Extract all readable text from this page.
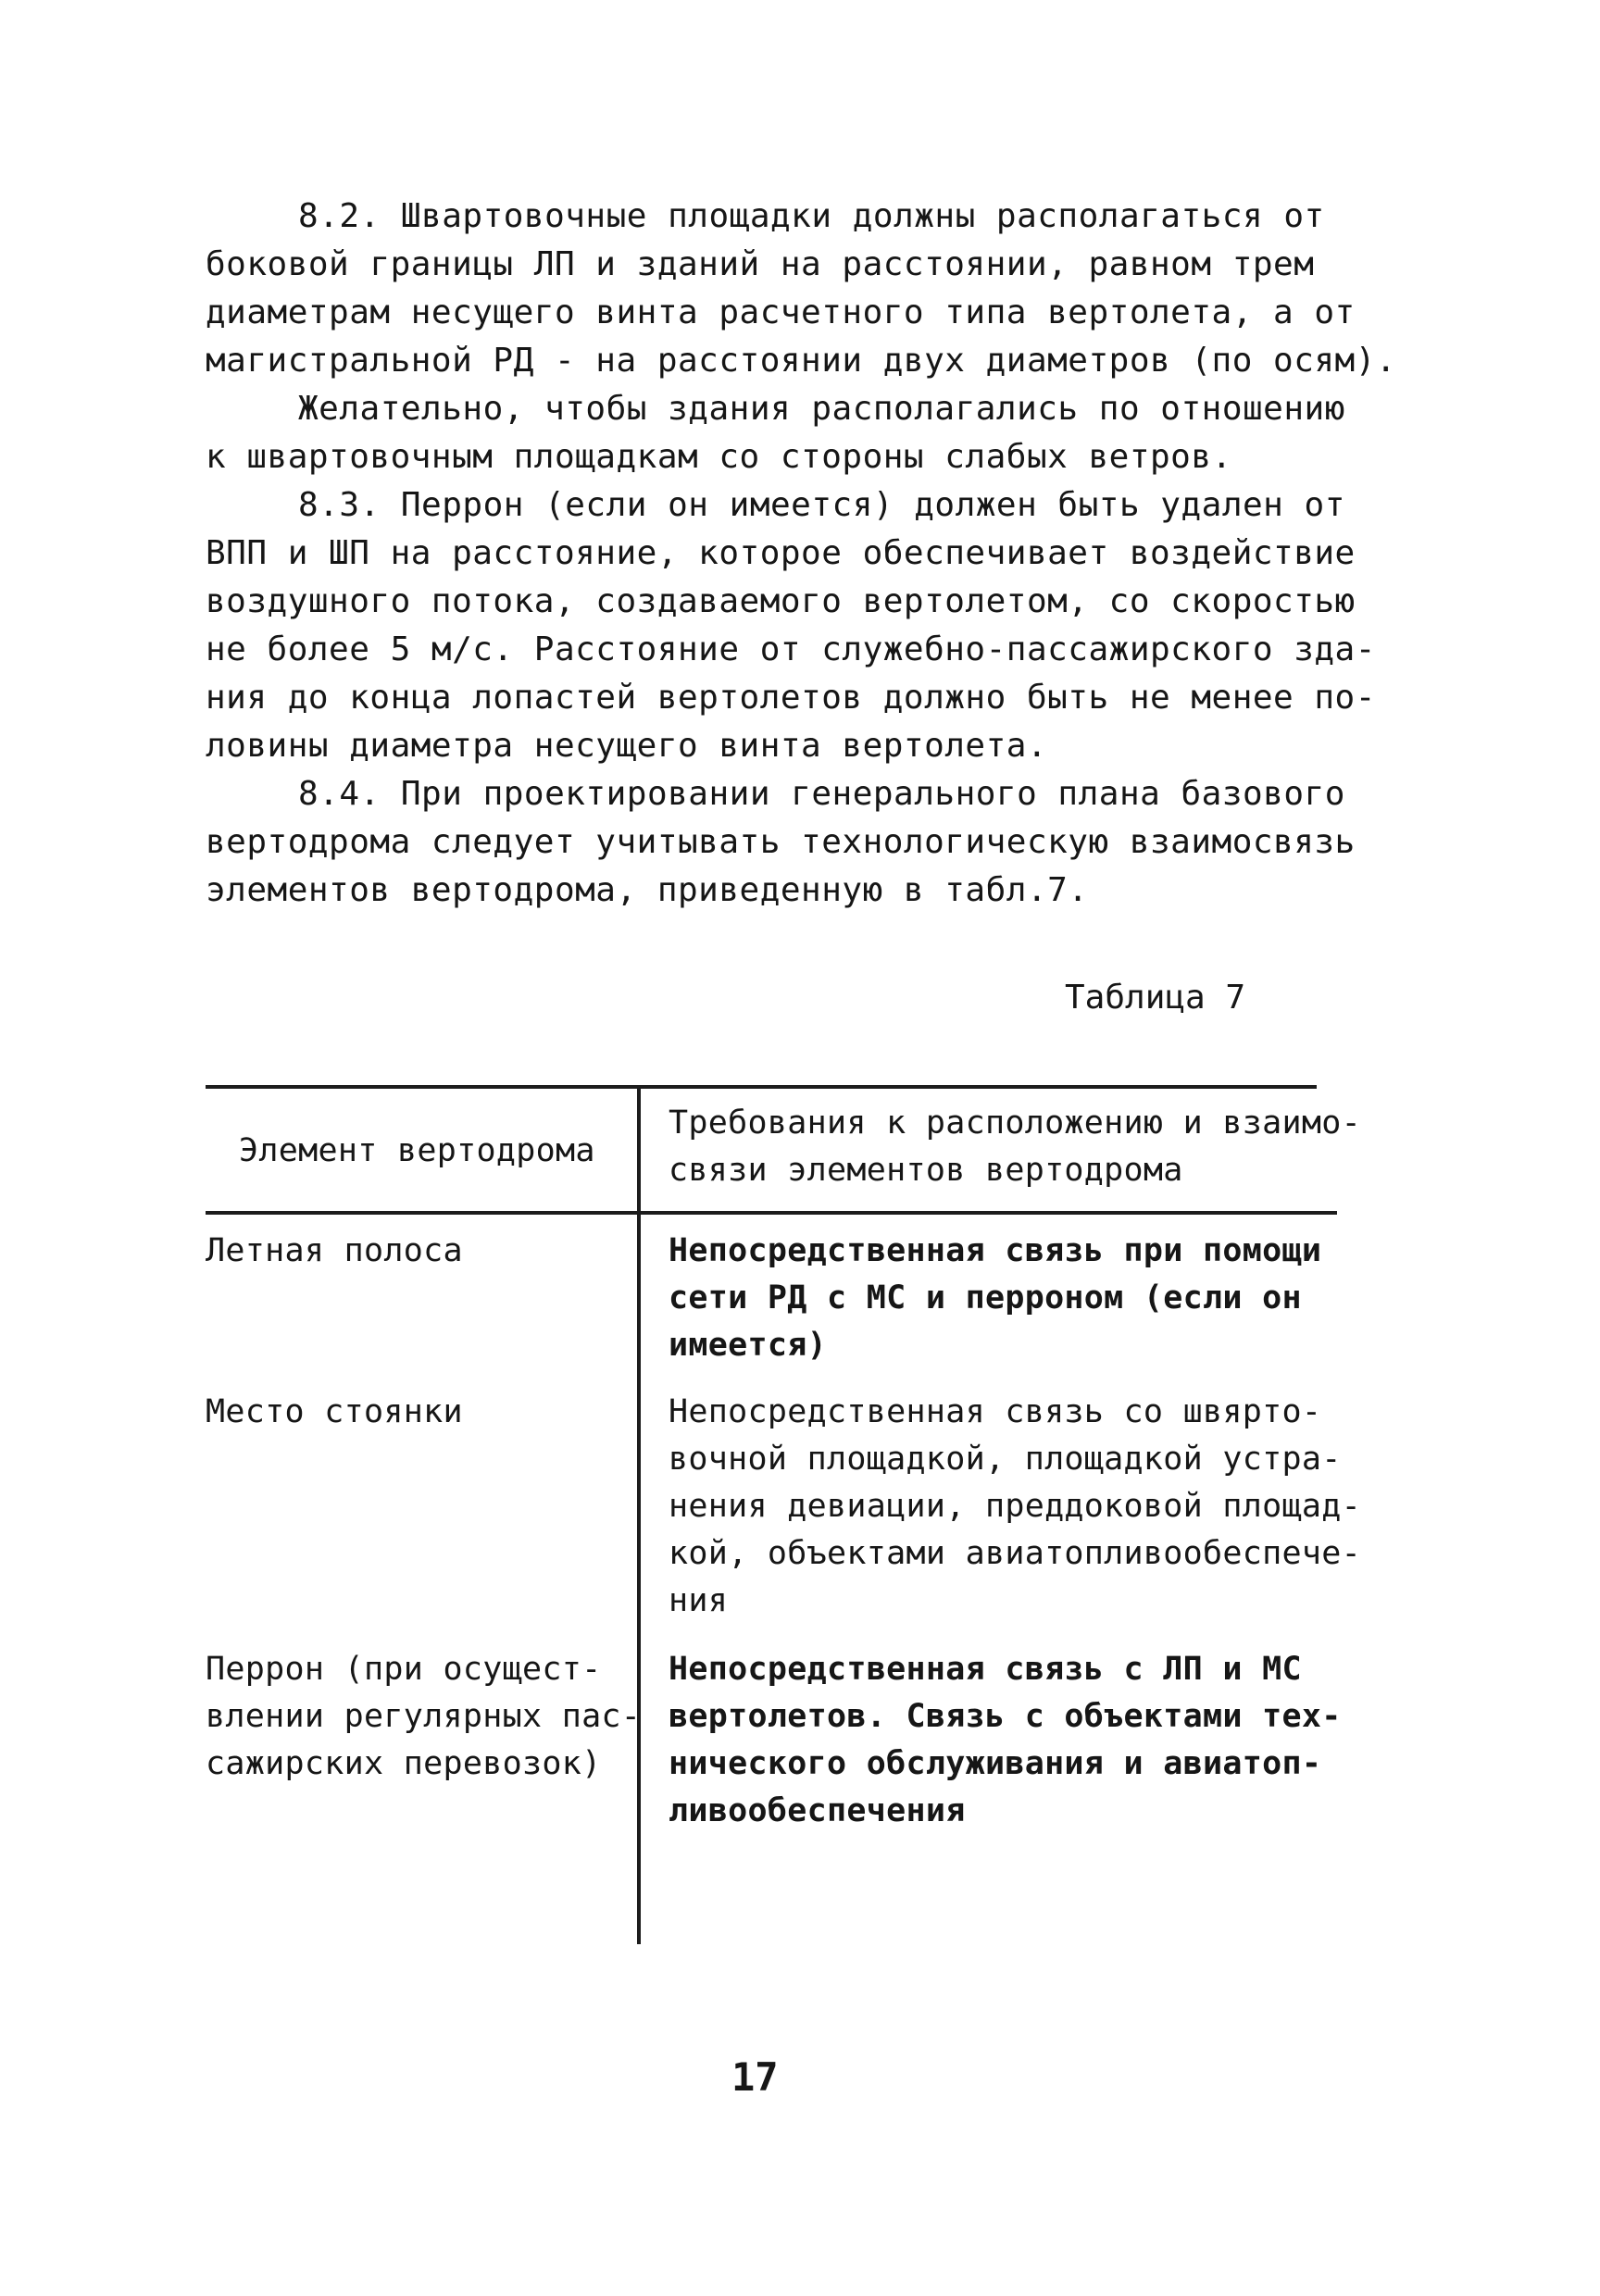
8.2. Швартовочные площадки должны располагаться от
боковой границы ЛП и зданий на расстоянии, равном трем
диаметрам несущего винта расчетного типа вертолета, а от
магистральной РД - на расстоянии двух диаметров (по осям).
Желательно, чтобы здания располагались по отношению
к швартовочным площадкам со стороны слабых ветров.
8.3. Перрон (если он имеется) должен быть удален от
ВПП и ШП на расстояние, которое обеспечивает воздействие
воздушного потока, создаваемого вертолетом, со скоростью
не более 5 м/с. Расстояние от служебно-пассажирского зда-
ния до конца лопастей вертолетов должно быть не менее по-
ловины диаметра несущего винта вертолета.
8.4. При проектировании генерального плана базового
вертодрома следует учитывать технологическую взаимосвязь
элементов вертодрома, приведенную в табл.7.
Таблица 7
Элемент вертодрома
Требования к расположению и взаимо-
связи элементов вертодрома
Летная полоса	Непосредственная связь при помощи
сети РД с МС и перроном (если он
имеется)
Место стоянки	Непосредственная связь со швярто-
вочной площадкой, площадкой устра-
нения девиации, преддоковой площад-
кой, объектами авиатопливообеспече-
ния
Перрон (при осущест-
влении регулярных пас-
сажирских перевозок)
Непосредственная связь с ЛП и МС
вертолетов. Связь с объектами тех-
нического обслуживания и авиатоп-
ливообеспечения
17
